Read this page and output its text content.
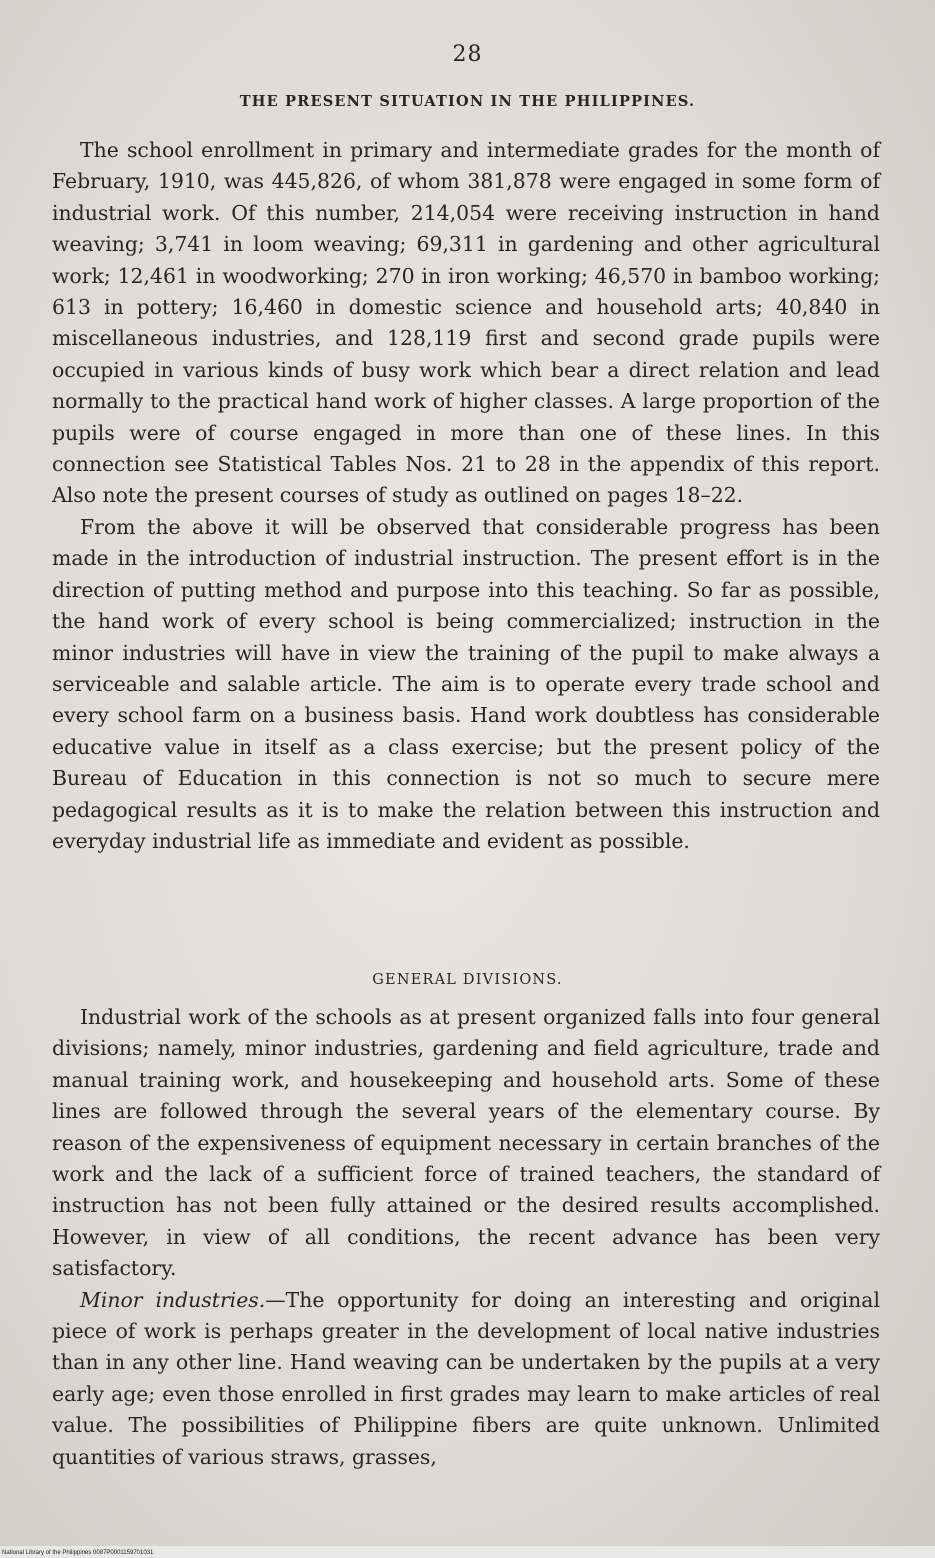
28
THE PRESENT SITUATION IN THE PHILIPPINES.

The school enrollment in primary and intermediate grades for the month of February, 1910, was 445,826, of whom 381,878 were engaged in some form of industrial work. Of this number, 214,054 were receiving instruction in hand weaving; 3,741 in loom weaving; 69,311 in gardening and other agricultural work; 12,461 in woodworking; 270 in iron working; 46,570 in bamboo working; 613 in pottery; 16,460 in domestic science and household arts; 40,840 in miscellaneous industries, and 128,119 first and second grade pupils were occupied in various kinds of busy work which bear a direct relation and lead normally to the practical hand work of higher classes. A large proportion of the pupils were of course engaged in more than one of these lines. In this connection see Statistical Tables Nos. 21 to 28 in the appendix of this report. Also note the present courses of study as outlined on pages 18–22.

From the above it will be observed that considerable progress has been made in the introduction of industrial instruction. The present effort is in the direction of putting method and purpose into this teaching. So far as possible, the hand work of every school is being commercialized; instruction in the minor industries will have in view the training of the pupil to make always a serviceable and salable article. The aim is to operate every trade school and every school farm on a business basis. Hand work doubtless has considerable educative value in itself as a class exercise; but the present policy of the Bureau of Education in this connection is not so much to secure mere pedagogical results as it is to make the relation between this instruction and everyday industrial life as immediate and evident as possible.

GENERAL DIVISIONS.

Industrial work of the schools as at present organized falls into four general divisions; namely, minor industries, gardening and field agriculture, trade and manual training work, and housekeeping and household arts. Some of these lines are followed through the several years of the elementary course. By reason of the expensiveness of equipment necessary in certain branches of the work and the lack of a sufficient force of trained teachers, the standard of instruction has not been fully attained or the desired results accomplished. However, in view of all conditions, the recent advance has been very satisfactory.

Minor industries.—The opportunity for doing an interesting and original piece of work is perhaps greater in the development of local native industries than in any other line. Hand weaving can be undertaken by the pupils at a very early age; even those enrolled in first grades may learn to make articles of real value. The possibilities of Philippine fibers are quite unknown. Unlimited quantities of various straws, grasses,

National Library of the Philippines 0087P0001159701031
